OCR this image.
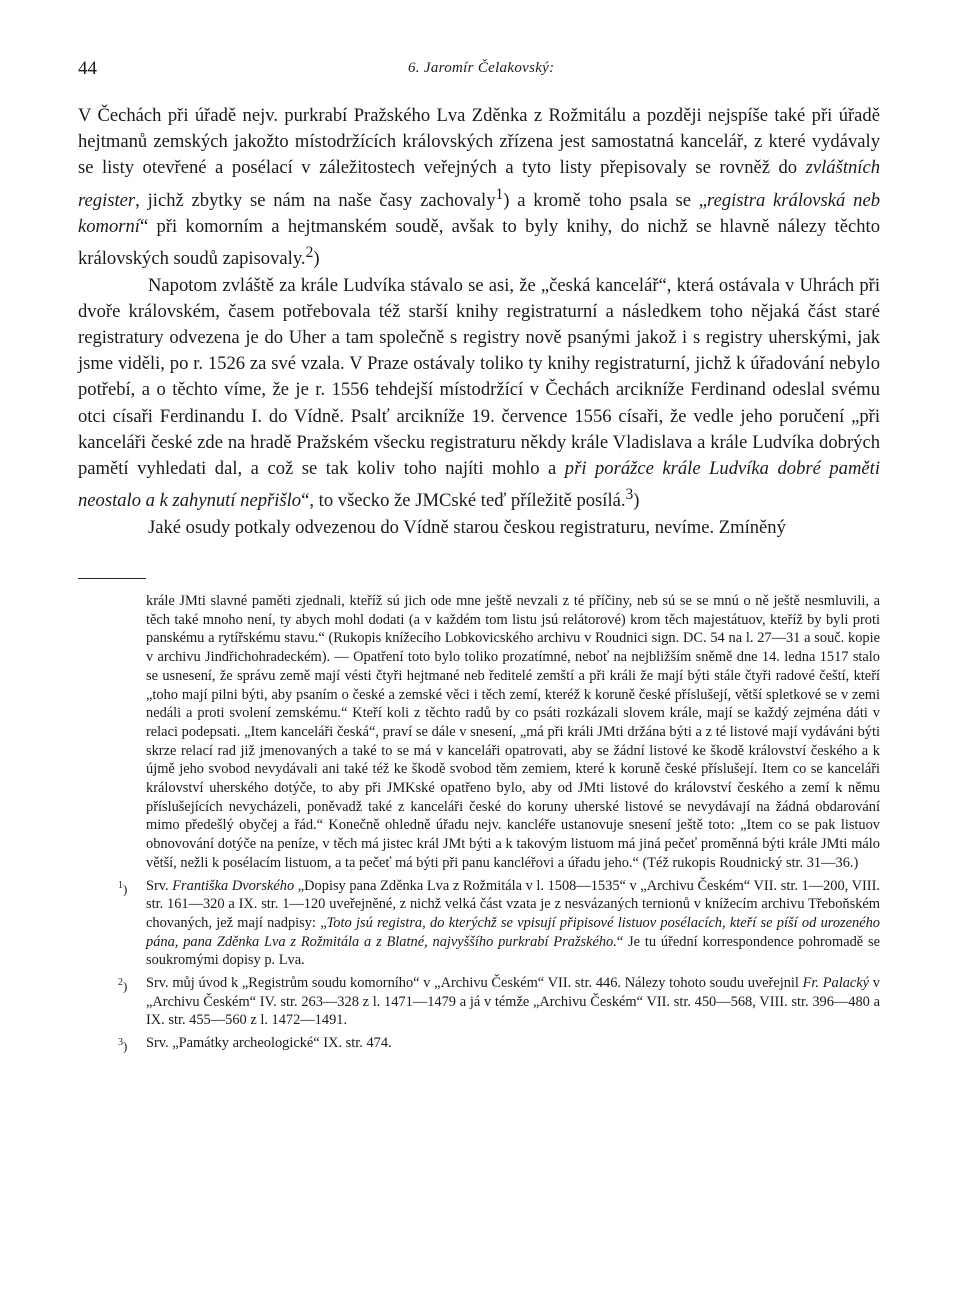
44	6. Jaromír Čelakovský:

V Čechách při úřadě nejv. purkrabí Pražského Lva Zděnka z Rožmitálu a později nejspíše také při úřadě hejtmanů zemských jakožto místodržících královských zřízena jest samostatná kancelář, z které vydávaly se listy otevřené a posélací v záležitostech veřejných a tyto listy přepisovaly se rovněž do zvláštních register, jichž zbytky se nám na naše časy zachovaly$^1$) a kromě toho psala se „registra královská neb komorní“ při komorním a hejtmanském soudě, avšak to byly knihy, do nichž se hlavně nálezy těchto královských soudů zapisovaly.$^2$)

Napotom zvláště za krále Ludvíka stávalo se asi, že „česká kancelář“, která ostávala v Uhrách při dvoře královském, časem potřebovala též starší knihy registraturní a následkem toho nějaká část staré registratury odvezena je do Uher a tam společně s registry nově psanými jakož i s registry uherskými, jak jsme viděli, po r. 1526 za své vzala. V Praze ostávaly toliko ty knihy registraturní, jichž k úřadování nebylo potřebí, a o těchto víme, že je r. 1556 tehdejší místodržící v Čechách arcikníže Ferdinand odeslal svému otci císaři Ferdinandu I. do Vídně. Psalť arcikníže 19. července 1556 císaři, že vedle jeho poručení „při kanceláři české zde na hradě Pražském všecku registraturu někdy krále Vladislava a krále Ludvíka dobrých pamětí vyhledati dal, a což se tak koliv toho najíti mohlo a při porážce krále Ludvíka dobré paměti neostalo a k zahynutí nepřišlo“, to všecko že JMCské teď příležitě posílá.$^3$)

Jaké osudy potkaly odvezenou do Vídně starou českou registraturu, nevíme. Zmíněný

krále JMti slavné paměti zjednali, kteříž sú jich ode mne ještě nevzali z té příčiny, neb sú se se mnú o ně ještě nesmluvili, a těch také mnoho není, ty abych mohl dodati (a v každém tom listu jsú relátorové) krom těch majestátuov, kteříž by byli proti panskému a rytířskému stavu.“ (Rukopis knížecího Lobkovicského archivu v Roudnici sign. DC. 54 na l. 27—31 a souč. kopie v archivu Jindřichohradeckém). — Opatření toto bylo toliko prozatímné, neboť na nejbližším sněmě dne 14. ledna 1517 stalo se usnesení, že správu země mají vésti čtyři hejtmané neb ředitelé zemští a při králi že mají býti stále čtyři radové čeští, kteří „toho mají pilni býti, aby psaním o české a zemské věci i těch zemí, kteréž k koruně české příslušejí, větší spletkové se v zemi nedáli a proti svolení zemskému.“ Kteří koli z těchto radů by co psáti rozkázali slovem krále, mají se každý zejména dáti v relaci podepsati. „Item kanceláři česká“, praví se dále v snesení, „má při králi JMti držána býti a z té listové mají vydáváni býti skrze relací rad již jmenovaných a také to se má v kanceláři opatrovati, aby se žádní listové ke škodě království českého a k újmě jeho svobod nevydávali ani také též ke škodě svobod těm zemiem, které k koruně české příslušejí. Item co se kanceláři království uherského dotýče, to aby při JMKské opatřeno bylo, aby od JMti listové do království českého a zemí k němu příslušejících nevycházeli, poněvadž také z kanceláři české do koruny uherské listové se nevydávají na žádná obdarování mimo předešlý obyčej a řád.“ Konečně ohledně úřadu nejv. kancléře ustanovuje snesení ještě toto: „Item co se pak listuov obnovování dotýče na peníze, v těch má jistec král JMt býti a k takovým listuom má jiná pečeť proměnná býti krále JMti málo větší, nežli k posélacím listuom, a ta pečeť má býti při panu kancléřovi a úřadu jeho.“ (Též rukopis Roudnický str. 31—36.)

$^1$) Srv. Františka Dvorského „Dopisy pana Zděnka Lva z Rožmitála v l. 1508—1535“ v „Archivu Českém“ VII. str. 1—200, VIII. str. 161—320 a IX. str. 1—120 uveřejněné, z nichž velká část vzata je z nesvázaných ternionů v knížecím archivu Třeboňském chovaných, jež mají nadpisy: „Toto jsú registra, do kterýchž se vpisují připisové listuov posélacích, kteří se píší od urozeného pána, pana Zděnka Lva z Rožmitála a z Blatné, najvyššího purkrabí Pražského.“ Je tu úřední korrespondence pohromadě se soukromými dopisy p. Lva.

$^2$) Srv. můj úvod k „Registrům soudu komorního“ v „Archivu Českém“ VII. str. 446. Nálezy tohoto soudu uveřejnil Fr. Palacký v „Archivu Českém“ IV. str. 263—328 z l. 1471—1479 a já v témže „Archivu Českém“ VII. str. 450—568, VIII. str. 396—480 a IX. str. 455—560 z l. 1472—1491.

$^3$) Srv. „Památky archeologické“ IX. str. 474.
